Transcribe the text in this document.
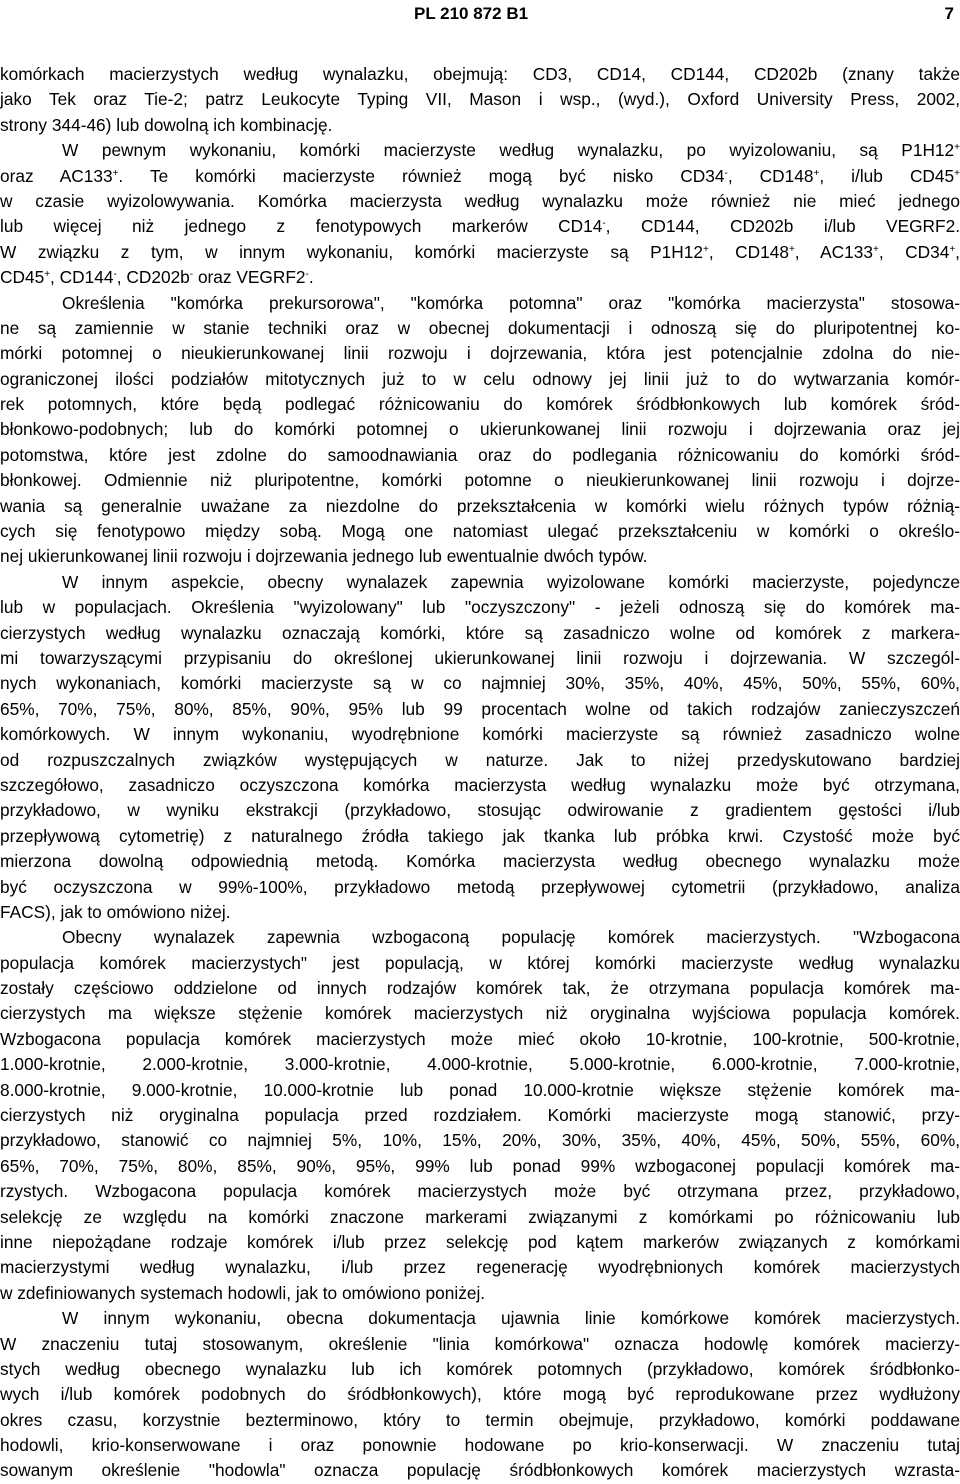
PL 210 872 B1	7
komórkach macierzystych według wynalazku, obejmują: CD3, CD14, CD144, CD202b (znany także
jako Tek oraz Tie-2; patrz Leukocyte Typing VII, Mason i wsp., (wyd.), Oxford University Press, 2002,
strony 344-46) lub dowolną ich kombinację.
W pewnym wykonaniu, komórki macierzyste według wynalazku, po wyizolowaniu, są P1H12+
oraz AC133+. Te komórki macierzyste również mogą być nisko CD34-, CD148+, i/lub CD45+
w czasie wyizolowywania. Komórka macierzysta według wynalazku może również nie mieć jednego
lub więcej niż jednego z fenotypowych markerów CD14-, CD144, CD202b i/lub VEGRF2.
W związku z tym, w innym wykonaniu, komórki macierzyste są P1H12+, CD148+, AC133+, CD34+,
CD45+, CD144-, CD202b- oraz VEGRF2-.
Określenia "komórka prekursorowa", "komórka potomna" oraz "komórka macierzysta" stosowa-
ne są zamiennie w stanie techniki oraz w obecnej dokumentacji i odnoszą się do pluripotentnej ko-
mórki potomnej o nieukierunkowanej linii rozwoju i dojrzewania, która jest potencjalnie zdolna do nie-
ograniczonej ilości podziałów mitotycznych już to w celu odnowy jej linii już to do wytwarzania komór-
rek potomnych, które będą podlegać różnicowaniu do komórek śródbłonkowych lub komórek śród-
błonkowo-podobnych; lub do komórki potomnej o ukierunkowanej linii rozwoju i dojrzewania oraz jej
potomstwa, które jest zdolne do samoodnawiania oraz do podlegania różnicowaniu do komórki śród-
błonkowej. Odmiennie niż pluripotentne, komórki potomne o nieukierunkowanej linii rozwoju i dojrze-
wania są generalnie uważane za niezdolne do przekształcenia w komórki wielu różnych typów różnią-
cych się fenotypowo między sobą. Mogą one natomiast ulegać przekształceniu w komórki o określo-
nej ukierunkowanej linii rozwoju i dojrzewania jednego lub ewentualnie dwóch typów.
W innym aspekcie, obecny wynalazek zapewnia wyizolowane komórki macierzyste, pojedyncze
lub w populacjach. Określenia "wyizolowany" lub "oczyszczony" - jeżeli odnoszą się do komórek ma-
cierzystych według wynalazku oznaczają komórki, które są zasadniczo wolne od komórek z markera-
mi towarzyszącymi przypisaniu do określonej ukierunkowanej linii rozwoju i dojrzewania. W szczegól-
nych wykonaniach, komórki macierzyste są w co najmniej 30%, 35%, 40%, 45%, 50%, 55%, 60%,
65%, 70%, 75%, 80%, 85%, 90%, 95% lub 99 procentach wolne od takich rodzajów zanieczyszczeń
komórkowych. W innym wykonaniu, wyodrębnione komórki macierzyste są również zasadniczo wolne
od rozpuszczalnych związków występujących w naturze. Jak to niżej przedyskutowano bardziej
szczegółowo, zasadniczo oczyszczona komórka macierzysta według wynalazku może być otrzymana,
przykładowo, w wyniku ekstrakcji (przykładowo, stosując odwirowanie z gradientem gęstości i/lub
przepływową cytometrię) z naturalnego źródła takiego jak tkanka lub próbka krwi. Czystość może być
mierzona dowolną odpowiednią metodą. Komórka macierzysta według obecnego wynalazku może
być oczyszczona w 99%-100%, przykładowo metodą przepływowej cytometrii (przykładowo, analiza
FACS), jak to omówiono niżej.
Obecny wynalazek zapewnia wzbogaconą populację komórek macierzystych. "Wzbogacona
populacja komórek macierzystych" jest populacją, w której komórki macierzyste według wynalazku
zostały częściowo oddzielone od innych rodzajów komórek tak, że otrzymana populacja komórek ma-
cierzystych ma większe stężenie komórek macierzystych niż oryginalna wyjściowa populacja komórek.
Wzbogacona populacja komórek macierzystych może mieć około 10-krotnie, 100-krotnie, 500-krotnie,
1.000-krotnie, 2.000-krotnie, 3.000-krotnie, 4.000-krotnie, 5.000-krotnie, 6.000-krotnie, 7.000-krotnie,
8.000-krotnie, 9.000-krotnie, 10.000-krotnie lub ponad 10.000-krotnie większe stężenie komórek ma-
cierzystych niż oryginalna populacja przed rozdziałem. Komórki macierzyste mogą stanowić, przy-
przykładowo, stanowić co najmniej 5%, 10%, 15%, 20%, 30%, 35%, 40%, 45%, 50%, 55%, 60%,
65%, 70%, 75%, 80%, 85%, 90%, 95%, 99% lub ponad 99% wzbogaconej populacji komórek ma-
rzystych. Wzbogacona populacja komórek macierzystych może być otrzymana przez, przykładowo,
selekcję ze względu na komórki znaczone markerami związanymi z komórkami po różnicowaniu lub
inne niepożądane rodzaje komórek i/lub przez selekcję pod kątem markerów związanych z komórkami
macierzystymi według wynalazku, i/lub przez regenerację wyodrębnionych komórek macierzystych
w zdefiniowanych systemach hodowli, jak to omówiono poniżej.
W innym wykonaniu, obecna dokumentacja ujawnia linie komórkowe komórek macierzystych.
W znaczeniu tutaj stosowanym, określenie "linia komórkowa" oznacza hodowlę komórek macierzy-
stych według obecnego wynalazku lub ich komórek potomnych (przykładowo, komórek śródbłonko-
wych i/lub komórek podobnych do śródbłonkowych), które mogą być reprodukowane przez wydłużony
okres czasu, korzystnie bezterminowo, który to termin obejmuje, przykładowo, komórki poddawane
hodowli, krio-konserwowane i oraz ponownie hodowane po krio-konserwacji. W znaczeniu tutaj
sowanym określenie "hodowla" oznacza populację śródbłonkowych komórek macierzystych wzrasta-
